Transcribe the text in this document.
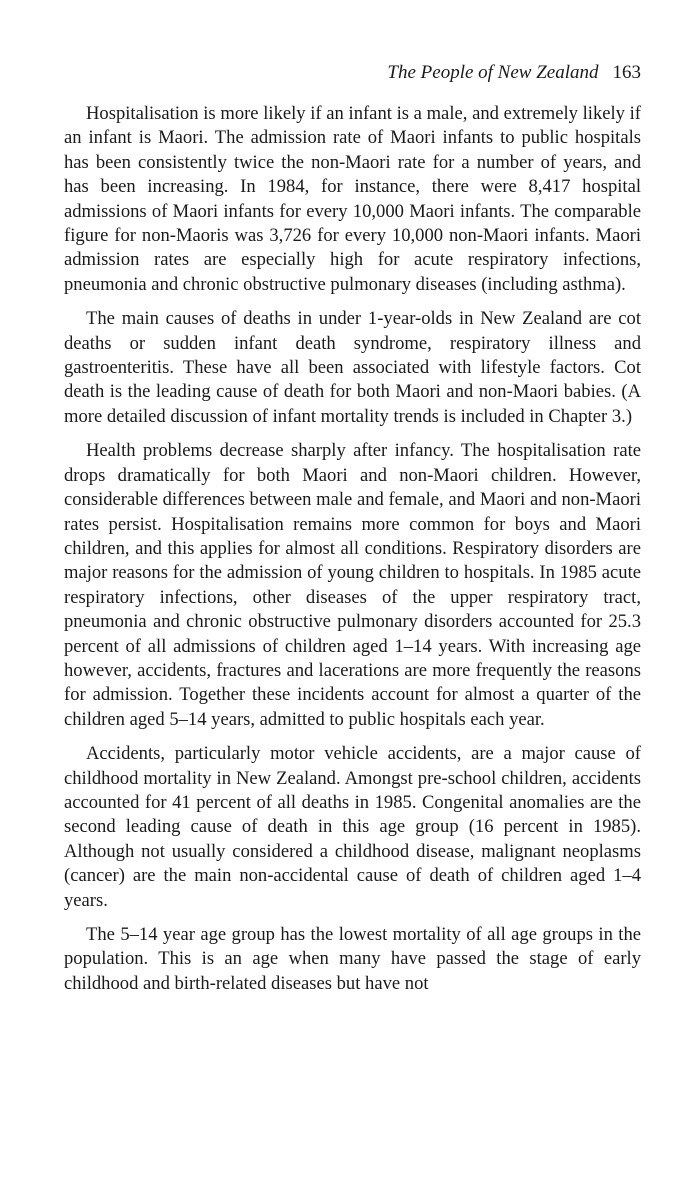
The People of New Zealand 163

Hospitalisation is more likely if an infant is a male, and extremely likely if an infant is Maori. The admission rate of Maori infants to public hospitals has been consistently twice the non-Maori rate for a number of years, and has been increasing. In 1984, for instance, there were 8,417 hospital admissions of Maori infants for every 10,000 Maori infants. The comparable figure for non-Maoris was 3,726 for every 10,000 non-Maori infants. Maori admission rates are especially high for acute respiratory infections, pneumonia and chronic obstructive pulmonary diseases (including asthma).

The main causes of deaths in under 1-year-olds in New Zealand are cot deaths or sudden infant death syndrome, respiratory illness and gastroenteritis. These have all been associated with lifestyle factors. Cot death is the leading cause of death for both Maori and non-Maori babies. (A more detailed discussion of infant mortality trends is included in Chapter 3.)

Health problems decrease sharply after infancy. The hospitalisation rate drops dramatically for both Maori and non-Maori children. However, considerable differences between male and female, and Maori and non-Maori rates persist. Hospitalisation remains more common for boys and Maori children, and this applies for almost all conditions. Respiratory disorders are major reasons for the admission of young children to hospitals. In 1985 acute respiratory infections, other diseases of the upper respiratory tract, pneumonia and chronic obstructive pulmonary disorders accounted for 25.3 percent of all admissions of children aged 1–14 years. With increasing age however, accidents, fractures and lacerations are more frequently the reasons for admission. Together these incidents account for almost a quarter of the children aged 5–14 years, admitted to public hospitals each year.

Accidents, particularly motor vehicle accidents, are a major cause of childhood mortality in New Zealand. Amongst pre-school children, accidents accounted for 41 percent of all deaths in 1985. Congenital anomalies are the second leading cause of death in this age group (16 percent in 1985). Although not usually considered a childhood disease, malignant neoplasms (cancer) are the main non-accidental cause of death of children aged 1–4 years.

The 5–14 year age group has the lowest mortality of all age groups in the population. This is an age when many have passed the stage of early childhood and birth-related diseases but have not
